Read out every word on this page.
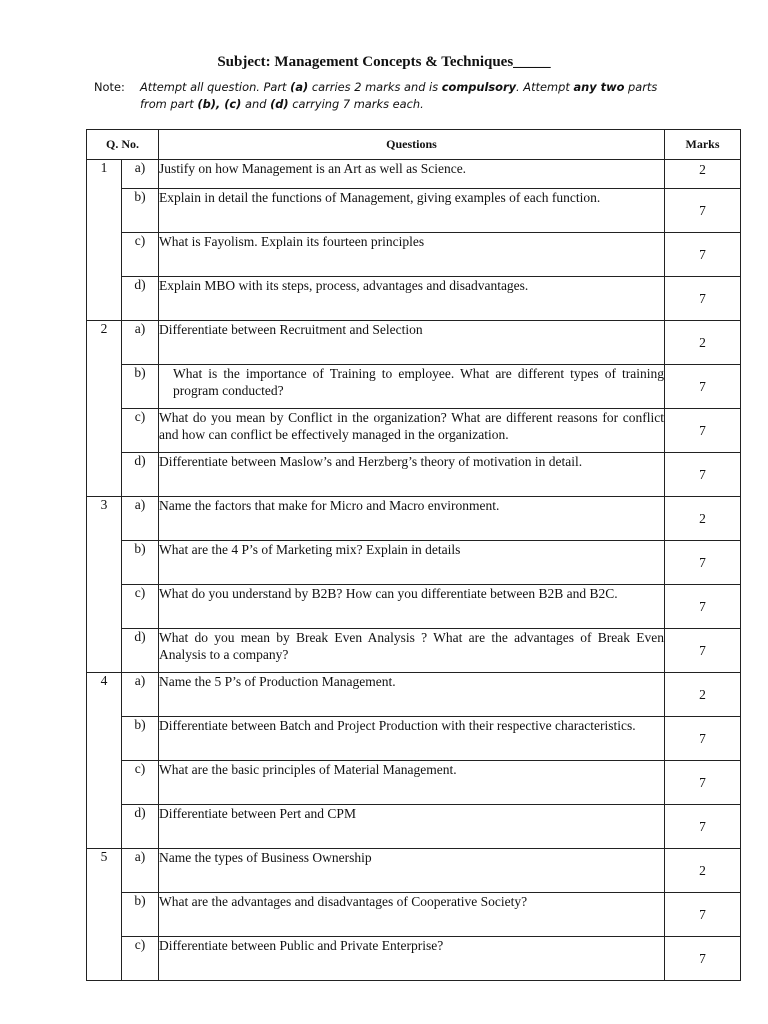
Subject: Management Concepts & Techniques_____
Note:	Attempt all question. Part (a) carries 2 marks and is compulsory. Attempt any two parts
from part (b), (c) and (d) carrying 7 marks each.
Q. No.		Questions	Marks
1	a)	Justify on how Management is an Art as well as Science.	2
	b)	Explain in detail the functions of Management, giving examples of each function.	7
	c)	What is Fayolism. Explain its fourteen principles	7
	d)	Explain MBO with its steps, process, advantages and disadvantages.	7
2	a)	Differentiate between Recruitment and Selection	2
	b)	What is the importance of Training to employee. What are different types of training program conducted?	7
	c)	What do you mean by Conflict in the organization? What are different reasons for conflict and how can conflict be effectively managed in the organization.	7
	d)	Differentiate between Maslow’s and Herzberg’s theory of motivation in detail.	7
3	a)	Name the factors that make for Micro and Macro environment.	2
	b)	What are the 4 P’s of Marketing mix? Explain in details	7
	c)	What do you understand by B2B? How can you differentiate between B2B and B2C.	7
	d)	What do you mean by Break Even Analysis ? What are the advantages of Break Even Analysis to a company?	7
4	a)	Name the 5 P’s of Production Management.	2
	b)	Differentiate between Batch and Project Production with their respective characteristics.	7
	c)	What are the basic principles of Material Management.	7
	d)	Differentiate between Pert and CPM	7
5	a)	Name the types of Business Ownership	2
	b)	What are the advantages and disadvantages of Cooperative Society?	7
	c)	Differentiate between Public and Private Enterprise?	7
